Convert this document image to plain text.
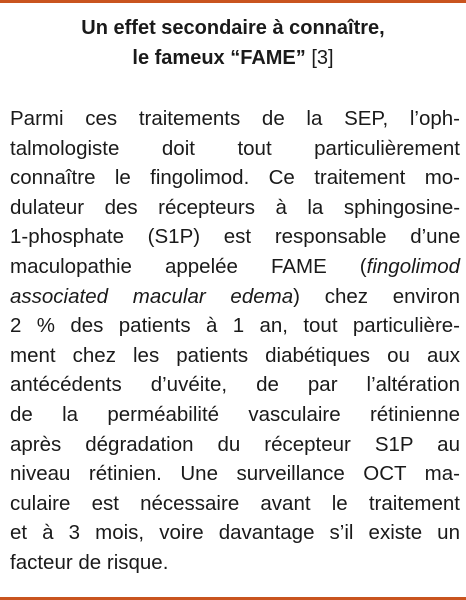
Un effet secondaire à connaître,
le fameux “FAME” [3]
Parmi ces traitements de la SEP, l’oph-
talmologiste doit tout particulièrement
connaître le fingolimod. Ce traitement mo-
dulateur des récepteurs à la sphingosine-
1-phosphate (S1P) est responsable d’une
maculopathie appelée FAME (fingolimod
associated macular edema) chez environ
2 % des patients à 1 an, tout particulière-
ment chez les patients diabétiques ou aux
antécédents d’uvéite, de par l’altération
de la perméabilité vasculaire rétinienne
après dégradation du récepteur S1P au
niveau rétinien. Une surveillance OCT ma-
culaire est nécessaire avant le traitement
et à 3 mois, voire davantage s’il existe un
facteur de risque.
